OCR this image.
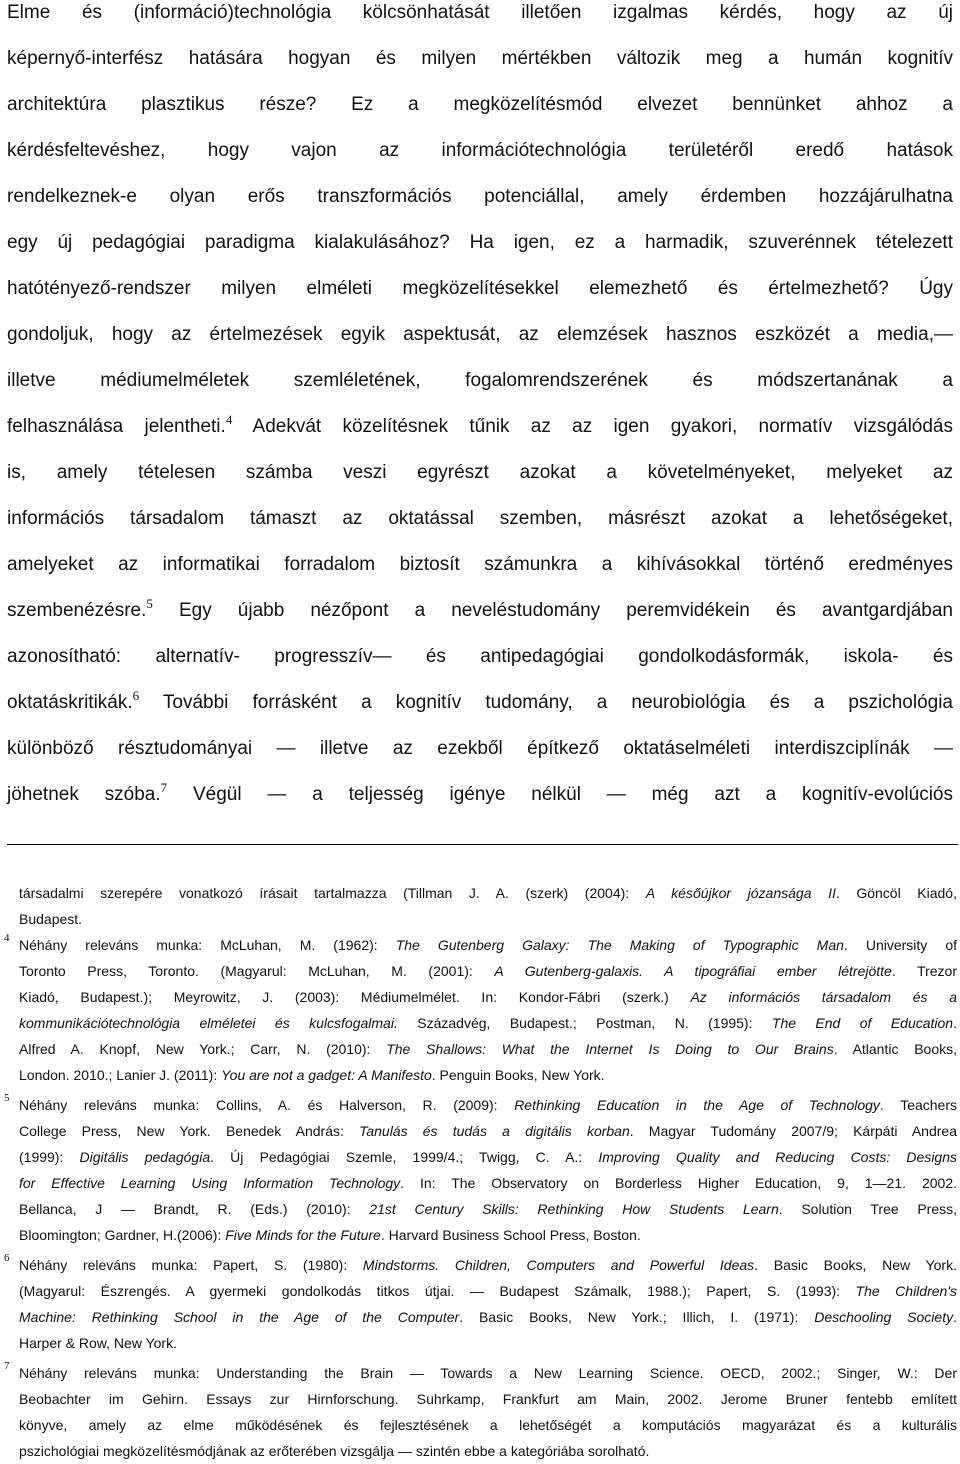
Elme és (információ)technológia kölcsönhatását illetően izgalmas kérdés, hogy az új
képernyő-interfész hatására hogyan és milyen mértékben változik meg a humán kognitív
architektúra plasztikus része? Ez a megközelítésmód elvezet bennünket ahhoz a
kérdésfeltevéshez, hogy vajon az információtechnológia területéről eredő hatások
rendelkeznek-e olyan erős transzformációs potenciállal, amely érdemben hozzájárulhatna
egy új pedagógiai paradigma kialakulásához? Ha igen, ez a harmadik, szuverénnek tételezett
hatótényező-rendszer milyen elméleti megközelítésekkel elemezhető és értelmezhető? Úgy
gondoljuk, hogy az értelmezések egyik aspektusát, az elemzések hasznos eszközét a media,—
illetve médiumelméletek szemléletének, fogalomrendszerének és módszertanának a
felhasználása jelentheti.$^4$ Adekvát közelítésnek tűnik az az igen gyakori, normatív vizsgálódás
is, amely tételesen számba veszi egyrészt azokat a követelményeket, melyeket az
információs társadalom támaszt az oktatással szemben, másrészt azokat a lehetőségeket,
amelyeket az informatikai forradalom biztosít számunkra a kihívásokkal történő eredményes
szembenézésre.$^5$ Egy újabb nézőpont a neveléstudomány peremvidékein és avantgardjában
azonosítható: alternatív- progresszív— és antipedagógiai gondolkodásformák, iskola- és
oktatáskritikák.$^6$ További forrásként a kognitív tudomány, a neurobiológia és a pszichológia
különböző résztudományai — illetve az ezekből építkező oktatáselméleti interdiszciplínák —
jöhetnek szóba.$^7$ Végül — a teljesség igénye nélkül — még azt a kognitív-evolúciós
társadalmi szerepére vonatkozó írásait tartalmazza (Tillman J. A. (szerk) (2004): A későújkor józansága II. Göncöl Kiadó,
Budapest.
4 Néhány releváns munka: McLuhan, M. (1962): The Gutenberg Galaxy: The Making of Typographic Man. University of
Toronto Press, Toronto. (Magyarul: McLuhan, M. (2001): A Gutenberg-galaxis. A tipográfiai ember létrejötte. Trezor
Kiadó, Budapest.); Meyrowitz, J. (2003): Médiumelmélet. In: Kondor-Fábri (szerk.) Az információs társadalom és a
kommunikációtechnológia elméletei és kulcsfogalmai. Századvég, Budapest.; Postman, N. (1995): The End of Education.
Alfred A. Knopf, New York.; Carr, N. (2010): The Shallows: What the Internet Is Doing to Our Brains. Atlantic Books,
London. 2010.; Lanier J. (2011): You are not a gadget: A Manifesto. Penguin Books, New York.
5 Néhány releváns munka: Collins, A. és Halverson, R. (2009): Rethinking Education in the Age of Technology. Teachers
College Press, New York. Benedek András: Tanulás és tudás a digitális korban. Magyar Tudomány 2007/9; Kárpáti Andrea
(1999): Digitális pedagógia. Új Pedagógiai Szemle, 1999/4.; Twigg, C. A.: Improving Quality and Reducing Costs: Designs
for Effective Learning Using Information Technology. In: The Observatory on Borderless Higher Education, 9, 1—21. 2002.
Bellanca, J — Brandt, R. (Eds.) (2010): 21st Century Skills: Rethinking How Students Learn. Solution Tree Press,
Bloomington; Gardner, H.(2006): Five Minds for the Future. Harvard Business School Press, Boston.
6 Néhány releváns munka: Papert, S. (1980): Mindstorms. Children, Computers and Powerful Ideas. Basic Books, New York.
(Magyarul: Észrengés. A gyermeki gondolkodás titkos útjai. — Budapest Számalk, 1988.); Papert, S. (1993): The Children's
Machine: Rethinking School in the Age of the Computer. Basic Books, New York.; Illich, I. (1971): Deschooling Society.
Harper & Row, New York.
7 Néhány releváns munka: Understanding the Brain — Towards a New Learning Science. OECD, 2002.; Singer, W.: Der
Beobachter im Gehirn. Essays zur Hirnforschung. Suhrkamp, Frankfurt am Main, 2002. Jerome Bruner fentebb említett
könyve, amely az elme működésének és fejlesztésének a lehetőségét a komputációs magyarázat és a kulturális
pszichológiai megközelítésmódjának az erőterében vizsgálja — szintén ebbe a kategóriába sorolható.
